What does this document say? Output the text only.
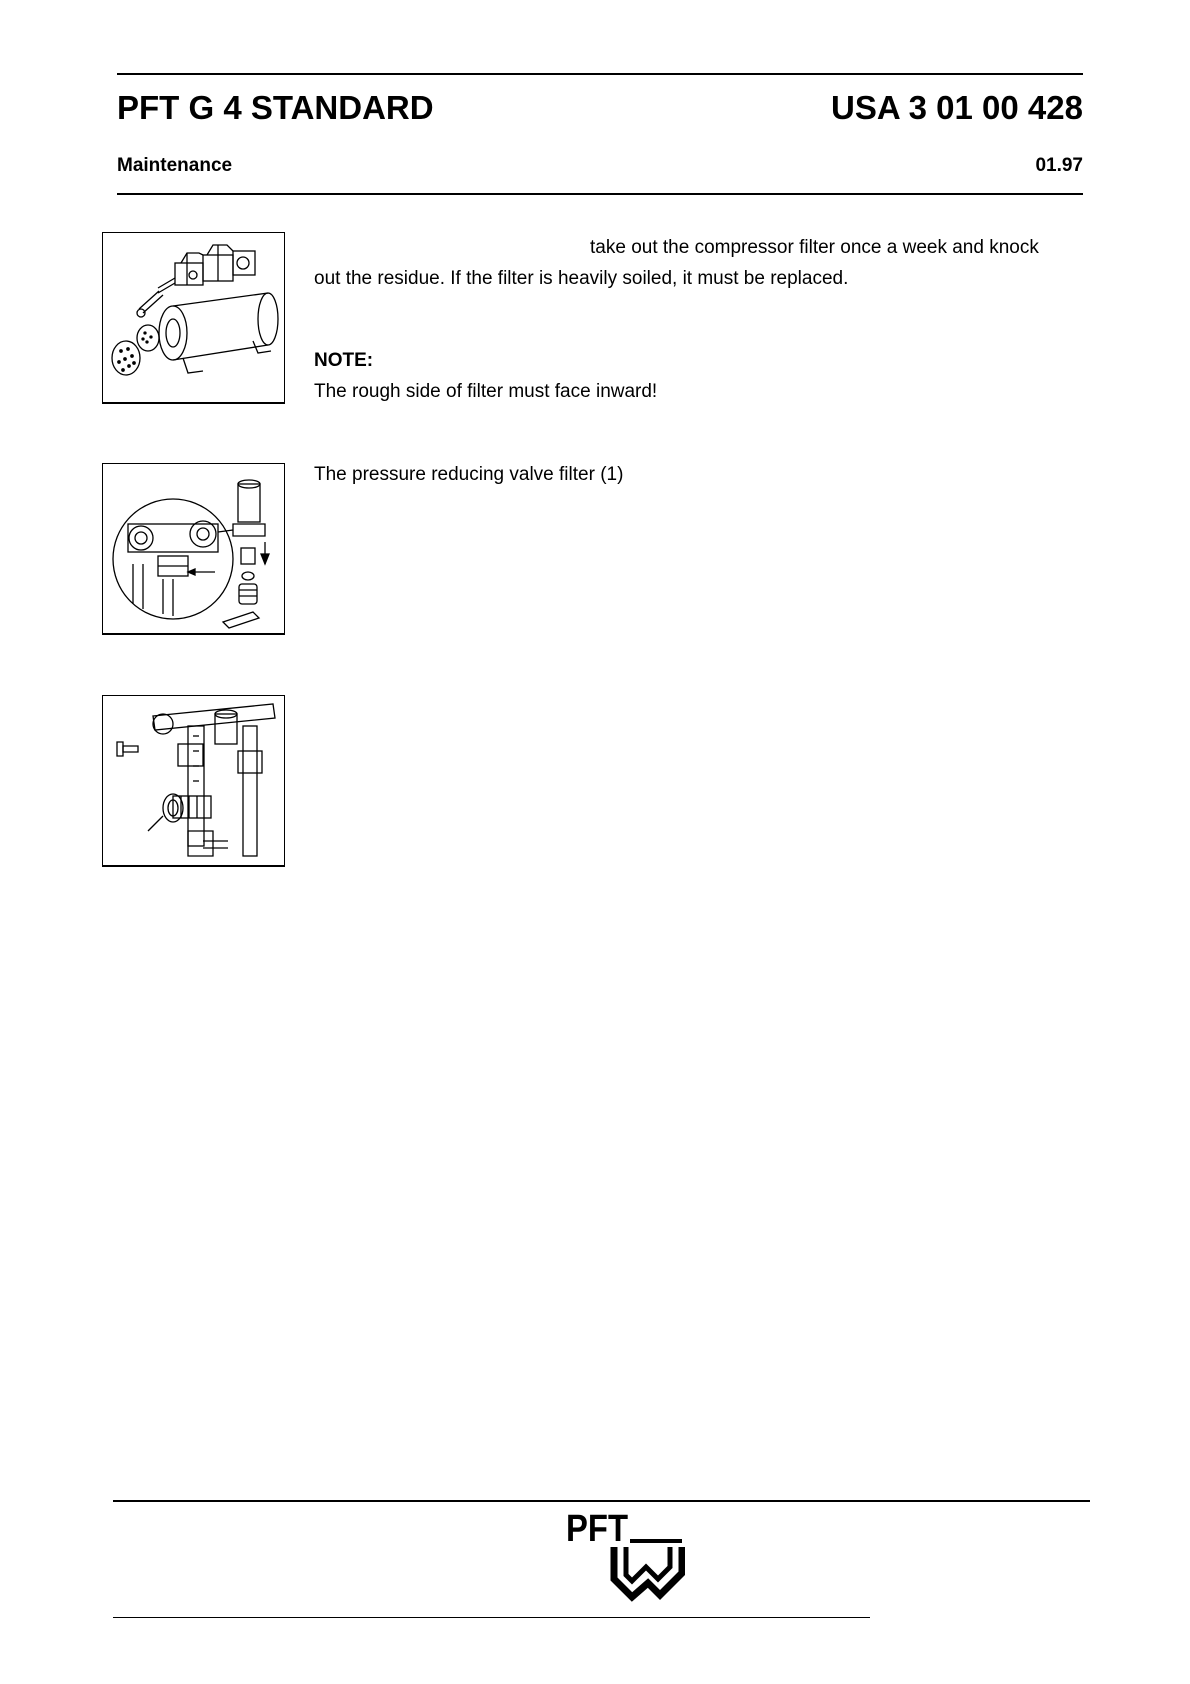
PFT G 4 STANDARD	USA 3 01 00 428
Maintenance	01.97
take out the compressor filter once a week and knock
out the residue. If the filter is heavily soiled, it must be replaced.
NOTE:
The rough side of filter must face inward!
The pressure reducing valve filter (1)
PFT
